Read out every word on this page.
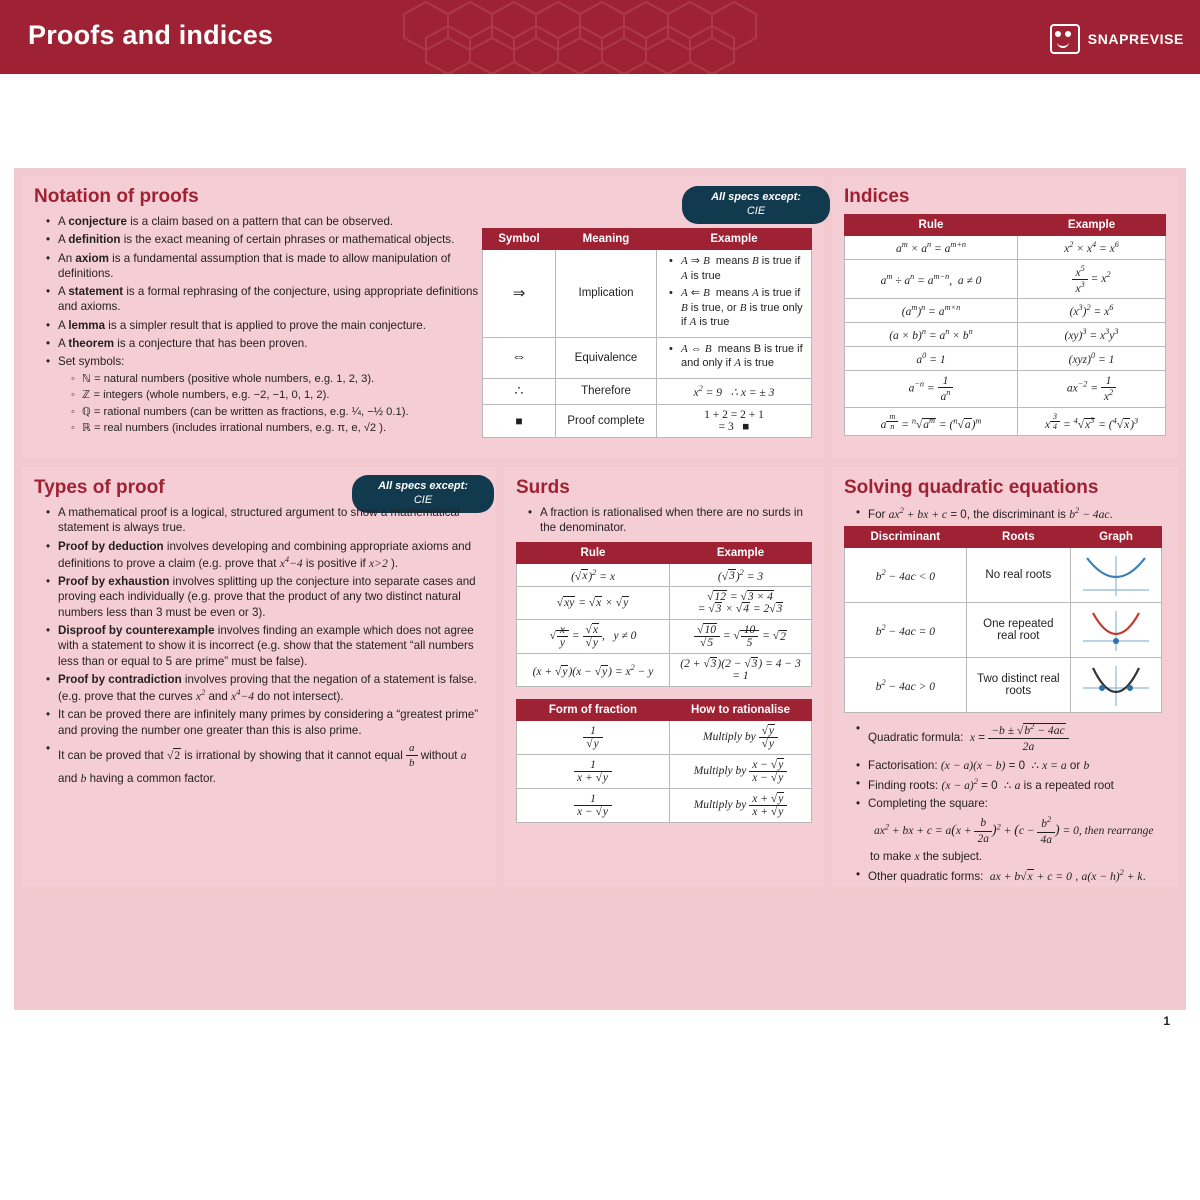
Proofs and indices	SNAPREVISE
Notation of proofs	All specs except:
CIE
• A conjecture is a claim based on a pattern that can be observed.
• A definition is the exact meaning of certain phrases or mathematical objects.
• An axiom is a fundamental assumption that is made to allow manipulation of definitions.
• A statement is a formal rephrasing of the conjecture, using appropriate definitions and axioms.
• A lemma is a simpler result that is applied to prove the main conjecture.
• A theorem is a conjecture that has been proven.
• Set symbols:
◦ ℕ = natural numbers (positive whole numbers, e.g. 1, 2, 3).
◦ ℤ = integers (whole numbers, e.g. −2, −1, 0, 1, 2).
◦ ℚ = rational numbers (can be written as fractions, e.g. ¼, −½ 0.1).
◦ ℝ = real numbers (includes irrational numbers, e.g. π, e, √2 ).
Symbol	Meaning	Example
⇒	Implication	
• A ⇒ B  means B is true if A is true
• A ⇐ B  means A is true if B is true, or B is true only if A is true

⇔	Equivalence	
• A ⇔ B  means B is true if and only if A is true

∴	Therefore	$x^2 = 9$   ∴ x = ± 3
■	Proof complete	1 + 2 = 2 + 1
= 3   ■
Types of proof	All specs except:
CIE
• A mathematical proof is a logical, structured argument to show a mathematical statement is always true.
• Proof by deduction involves developing and combining appropriate axioms and definitions to prove a claim (e.g. prove that $x^4-4$ is positive if x>2 ).
• Proof by exhaustion involves splitting up the conjecture into separate cases and proving each individually (e.g. prove that the product of any two distinct natural numbers less than 3 must be even or 3).
• Disproof by counterexample involves finding an example which does not agree with a statement to show it is incorrect (e.g. show that the statement “all numbers less than or equal to 5 are prime” must be false).
• Proof by contradiction involves proving that the negation of a statement is false. (e.g. prove that the curves $x^2$ and $x^4-4$ do not intersect).
• It can be proved there are infinitely many primes by considering a “greatest prime” and proving the number one greater than this is also prime.
• It can be proved that √2 is irrational by showing that it cannot equal $\frac{a}{b}$ without a and b having a common factor.
Surds
• A fraction is rationalised when there are no surds in the denominator.
Rule	Example
$(√x)^2 = x$	$(√3)^2 = 3$
√xy = √x × √y	√12 = √3 × 4
= √3 × √4 = 2√3
√ $\frac{x}{y} = \frac{√x}{√y}$ ,   y ≠ 0	$\frac{√10}{√5}$ = √ $\frac{10}{5} = √2$
$(x + √y)(x - √y) = x^2 - y$	(2 + √3)(2 − √3) = 4 − 3
= 1
Form of fraction	How to rationalise

$\frac{1}{√y}$	Multiply by $\frac{√y}{√y}$

$\frac{1}{x + √y}$	Multiply by $\frac{x - √y}{x - √y}$

$\frac{1}{x - √y}$	Multiply by $\frac{x + √y}{x + √y}$
Indices
Rule	Example
$a^m \times a^n = a^{m+n}$	$x^2 \times x^4 = x^6$
$a^m \div a^n = a^{m-n}$,  a ≠ 0	$\frac{x^5}{x^3} = x^2$
$(a^m)^n = a^{m\times n}$	$(x^3)^2 = x^6$
$(a \times b)^n = a^n \times b^n$	$(xy)^3 = x^3y^3$
$a^0 = 1$	(xyz)$^0$ = 1
$a^{-n} = \frac{1}{a^n}$	$ax^{-2} = \frac{1}{x^2}$

a $^{\frac{m}{n}} = ^n√a^m = (^n√a)^m$	x $^{\frac{3}{4}} = ^4√x^3 = (^4√x)^3$
Solving quadratic equations
• For $ax^2$ + bx + c = 0, the discriminant is $b^2 - 4ac$.
Discriminant	Roots	Graph
$b^2 - 4ac < 0$	No real roots	

$b^2 - 4ac = 0$	One repeated real root	

$b^2 - 4ac > 0$	Two distinct real roots	
• Quadratic formula:  $x = \frac{-b \pm √b^2 - 4ac}{2a}$
• Factorisation: (x − a)(x − b) = 0  ∴ x = a or b
• Finding roots: $(x - a)^2 = 0$  ∴ a is a repeated root
• Completing the square:
$ax^2$ + bx + $c = a(x + \frac{b}{2a} )^2 + (c - \frac{b^2}{4a}$ ) = 0, then rearrange
to make x the subject.
• Other quadratic forms:  ax + b√x + c = 0 , $a(x - h)^2 + k$.
1
